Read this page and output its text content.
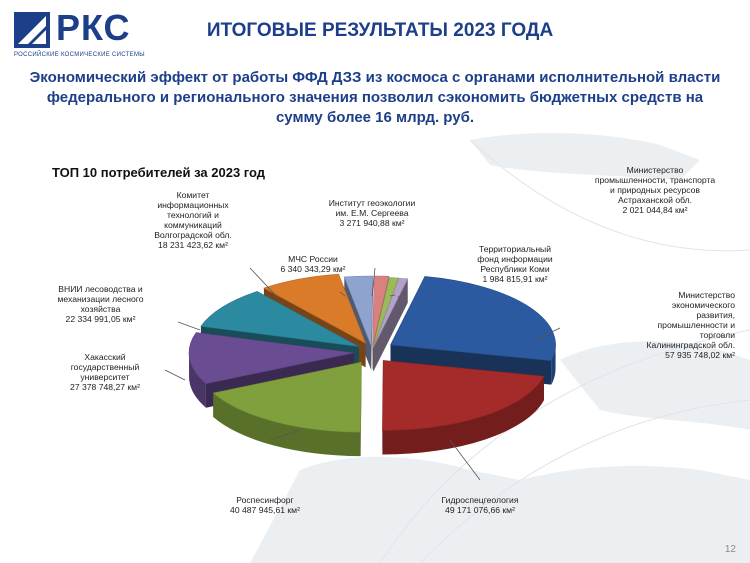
РКС
РОССИЙСКИЕ КОСМИЧЕСКИЕ СИСТЕМЫ
ИТОГОВЫЕ РЕЗУЛЬТАТЫ 2023 ГОДА
Экономический эффект от работы ФФД ДЗЗ из космоса с органами исполнительной власти
федерального и регионального значения позволил сэкономить бюджетных средств на
сумму более 16 млрд. руб.
ТОП 10 потребителей за 2023 год
Министерство
экономического
развития,
промышленности и
торговли
Калининградской обл.
57 935 748,02 км²
Гидроспецгеология
49 171 076,66 км²
Роспесинфорг
40 487 945,61 км²
Хакасский
государственный
университет
27 378 748,27 км²
ВНИИ лесоводства и
механизации лесного
хозяйства
22 334 991,05 км²
Комитет
информационных
технологий и
коммуникаций
Волгоградской обл.
18 231 423,62 км²
МЧС России
6 340 343,29 км²
Институт геоэкологии
им. Е.М. Сергеева
3 271 940,88 км²
Министерство
промышленности, транспорта
и природных ресурсов
Астраханской обл.
2 021 044,84 км²
Территориальный
фонд информации
Республики Коми
1 984 815,91 км²
12
